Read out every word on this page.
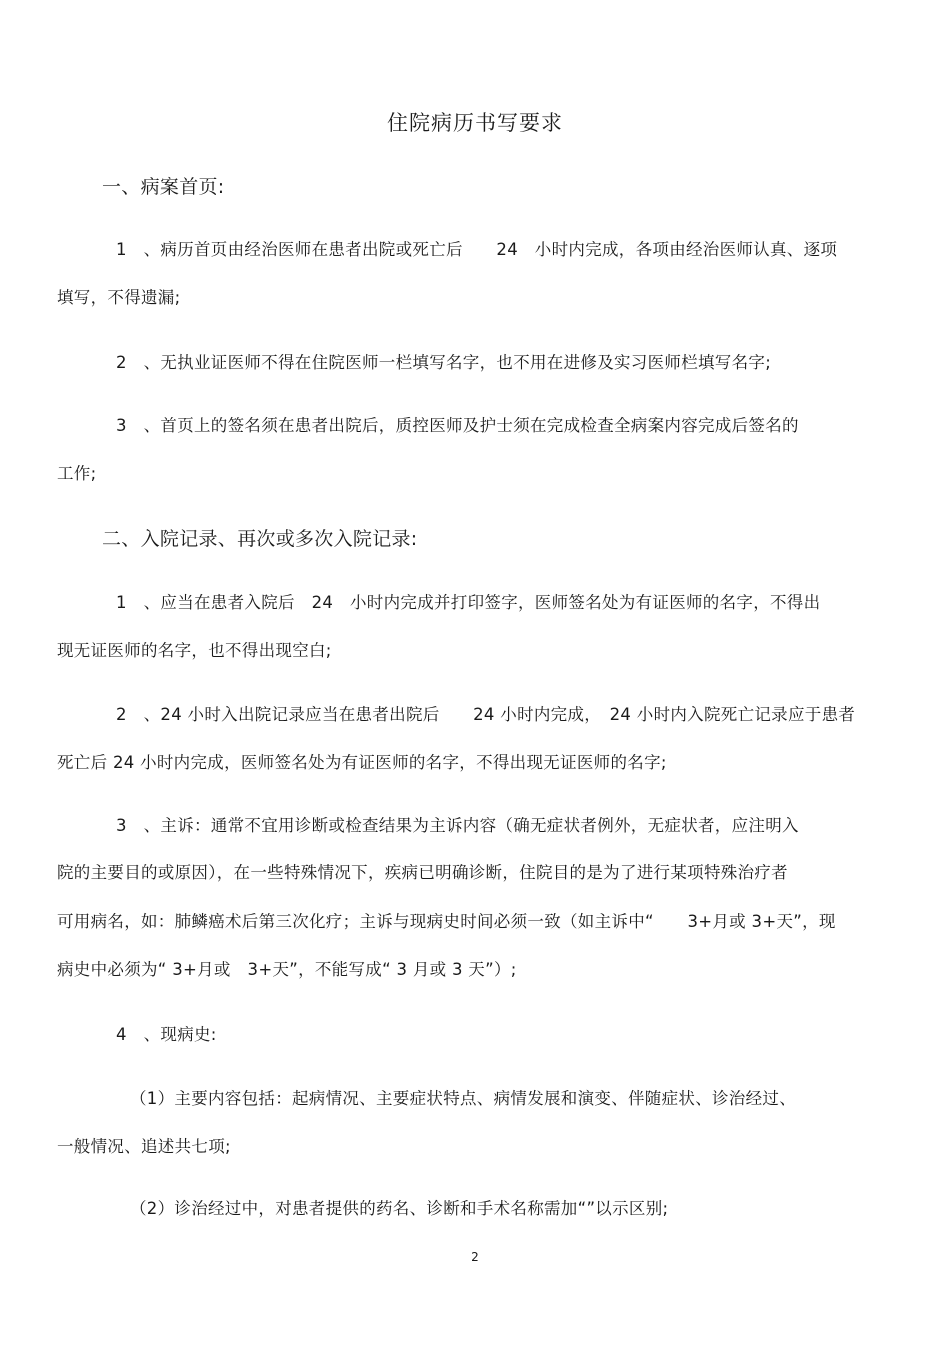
住院病历书写要求
一、病案首页:
1　、病历首页由经治医师在患者出院或死亡后　　24　小时内完成，各项由经治医师认真、逐项
填写，不得遗漏;
2　、无执业证医师不得在住院医师一栏填写名字，也不用在进修及实习医师栏填写名字;
3　、首页上的签名须在患者出院后，质控医师及护士须在完成检查全病案内容完成后签名的
工作;
二、入院记录、再次或多次入院记录:
1　、应当在患者入院后　24　小时内完成并打印签字，医师签名处为有证医师的名字，不得出
现无证医师的名字，也不得出现空白;
2　、24 小时入出院记录应当在患者出院后　　24 小时内完成，　24 小时内入院死亡记录应于患者
死亡后 24 小时内完成，医师签名处为有证医师的名字，不得出现无证医师的名字;
3　、主诉：通常不宜用诊断或检查结果为主诉内容（确无症状者例外，无症状者，应注明入
院的主要目的或原因），在一些特殊情况下，疾病已明确诊断，住院目的是为了进行某项特殊治疗者
可用病名，如：肺鳞癌术后第三次化疗；主诉与现病史时间必须一致（如主诉中“　　3+月或 3+天”，现
病史中必须为“ 3+月或　3+天”，不能写成“ 3 月或 3 天”）;
4　、现病史:
（1）主要内容包括：起病情况、主要症状特点、病情发展和演变、伴随症状、诊治经过、
一般情况、追述共七项;
（2）诊治经过中，对患者提供的药名、诊断和手术名称需加“”以示区别;
2
